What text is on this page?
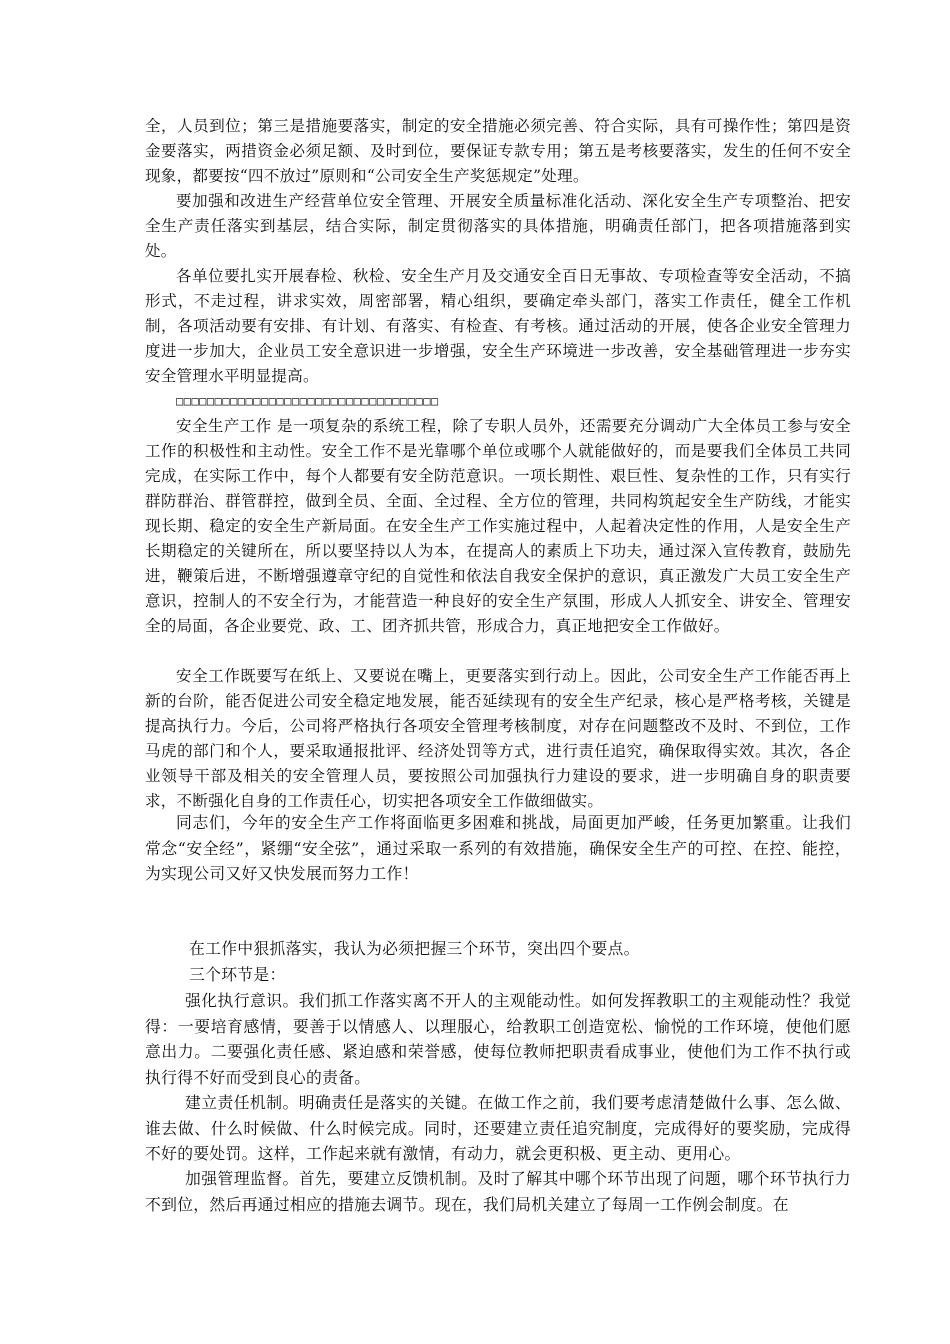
全，人员到位；第三是措施要落实，制定的安全措施必须完善、符合实际，具有可操作性；第四是资金要落实，两措资金必须足额、及时到位，要保证专款专用；第五是考核要落实，发生的任何不安全现象，都要按“四不放过”原则和“公司安全生产奖惩规定”处理。

要加强和改进生产经营单位安全管理、开展安全质量标准化活动、深化安全生产专项整治、把安全生产责任落实到基层，结合实际，制定贯彻落实的具体措施，明确责任部门，把各项措施落到实处。

各单位要扎实开展春检、秋检、安全生产月及交通安全百日无事故、专项检查等安全活动，不搞形式，不走过程，讲求实效，周密部署，精心组织，要确定牵头部门，落实工作责任，健全工作机制，各项活动要有安排、有计划、有落实、有检查、有考核。通过活动的开展，使各企业安全管理力度进一步加大，企业员工安全意识进一步增强，安全生产环境进一步改善，安全基础管理进一步夯实 安全管理水平明显提高。

□□□□□□□□□□□□□□□□□□□□□□□□□□□□□□□□□□

安全生产工作 是一项复杂的系统工程，除了专职人员外，还需要充分调动广大全体员工参与安全工作的积极性和主动性。安全工作不是光靠哪个单位或哪个人就能做好的，而是要我们全体员工共同完成，在实际工作中，每个人都要有安全防范意识。一项长期性、艰巨性、复杂性的工作，只有实行群防群治、群管群控，做到全员、全面、全过程、全方位的管理，共同构筑起安全生产防线，才能实现长期、稳定的安全生产新局面。在安全生产工作实施过程中，人起着决定性的作用，人是安全生产长期稳定的关键所在，所以要坚持以人为本，在提高人的素质上下功夫，通过深入宣传教育，鼓励先进，鞭策后进，不断增强遵章守纪的自觉性和依法自我安全保护的意识，真正激发广大员工安全生产意识，控制人的不安全行为，才能营造一种良好的安全生产氛围，形成人人抓安全、讲安全、管理安全的局面，各企业要党、政、工、团齐抓共管，形成合力，真正地把安全工作做好。

安全工作既要写在纸上、又要说在嘴上，更要落实到行动上。因此，公司安全生产工作能否再上新的台阶，能否促进公司安全稳定地发展，能否延续现有的安全生产纪录，核心是严格考核，关键是提高执行力。今后，公司将严格执行各项安全管理考核制度，对存在问题整改不及时、不到位，工作马虎的部门和个人，要采取通报批评、经济处罚等方式，进行责任追究，确保取得实效。其次，各企业领导干部及相关的安全管理人员，要按照公司加强执行力建设的要求，进一步明确自身的职责要求，不断强化自身的工作责任心，切实把各项安全工作做细做实。

同志们，今年的安全生产工作将面临更多困难和挑战，局面更加严峻，任务更加繁重。让我们常念“安全经”，紧绷“安全弦”，通过采取一系列的有效措施，确保安全生产的可控、在控、能控，为实现公司又好又快发展而努力工作！

在工作中狠抓落实，我认为必须把握三个环节，突出四个要点。

三个环节是：

强化执行意识。我们抓工作落实离不开人的主观能动性。如何发挥教职工的主观能动性？我觉得：一要培育感情，要善于以情感人、以理服心，给教职工创造宽松、愉悦的工作环境，使他们愿意出力。二要强化责任感、紧迫感和荣誉感，使每位教师把职责看成事业，使他们为工作不执行或执行得不好而受到良心的责备。

建立责任机制。明确责任是落实的关键。在做工作之前，我们要考虑清楚做什么事、怎么做、谁去做、什么时候做、什么时候完成。同时，还要建立责任追究制度，完成得好的要奖励，完成得不好的要处罚。这样，工作起来就有激情，有动力，就会更积极、更主动、更用心。

加强管理监督。首先，要建立反馈机制。及时了解其中哪个环节出现了问题，哪个环节执行力不到位，然后再通过相应的措施去调节。现在，我们局机关建立了每周一工作例会制度。在
